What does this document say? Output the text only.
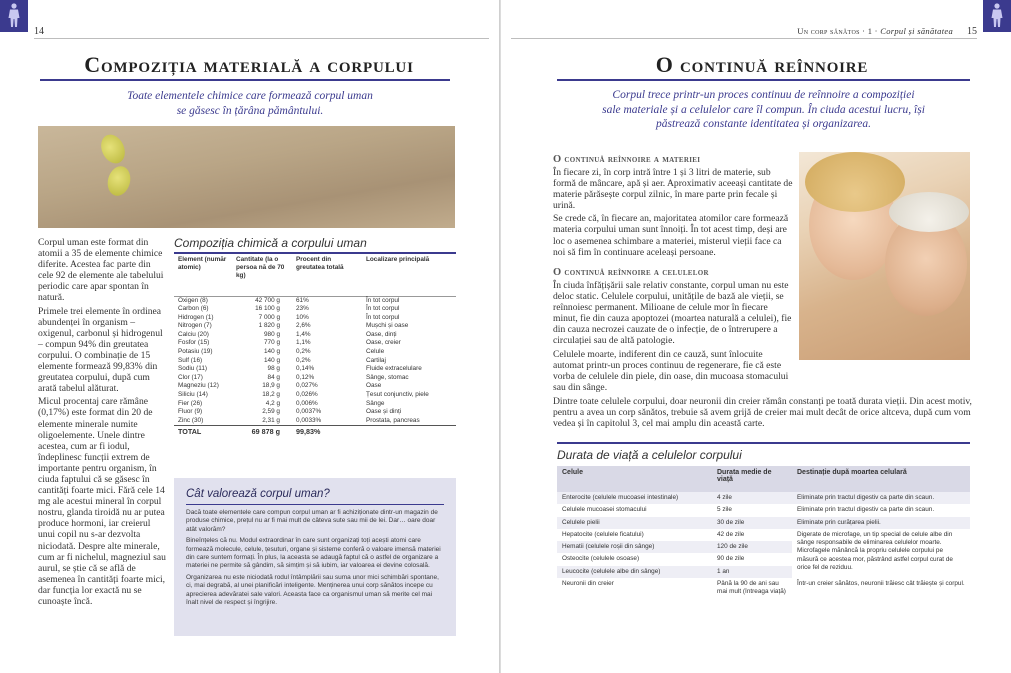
14
Compoziția materială a corpului
Toate elementele chimice care formează corpul uman
se găsesc în țărâna pământului.

Corpul uman este format din atomii a 35 de elemente chimice diferite. Acestea fac parte din cele 92 de elemente ale tabelului periodic care apar spontan în natură.

Primele trei elemente în ordinea abundenței în organism – oxigenul, carbonul și hidrogenul – compun 94% din greutatea corpului. O combinație de 15 elemente formează 99,83% din greutatea corpului, după cum arată tabelul alăturat.

Micul procentaj care rămâne (0,17%) este format din 20 de elemente minerale numite oligoelemente. Unele dintre acestea, cum ar fi iodul, îndeplinesc funcții extrem de importante pentru organism, în ciuda faptului că se găsesc în cantități foarte mici. Fără cele 14 mg ale acestui mineral în corpul nostru, glanda tiroidă nu ar putea produce hormoni, iar creierul unui copil nu s-ar dezvolta niciodată. Despre alte minerale, cum ar fi nichelul, magneziul sau aurul, se știe că se află de asemenea în cantități foarte mici, dar funcția lor exactă nu se cunoaște încă.

Compoziția chimică a corpului uman
Element (număr atomic)	Cantitate (la o persoa nă de 70 kg)	Procent din greutatea totală	Localizare principală
Oxigen (8)	42 700 g	61%	În tot corpul
Carbon (6)	16 100 g	23%	În tot corpul
Hidrogen (1)	7 000 g	10%	În tot corpul
Nitrogen (7)	1 820 g	2,6%	Mușchi și oase
Calciu (20)	980 g	1,4%	Oase, dinți
Fosfor (15)	770 g	1,1%	Oase, creier
Potasiu (19)	140 g	0,2%	Celule
Sulf (16)	140 g	0,2%	Cartilaj
Sodiu (11)	98 g	0,14%	Fluide extracelulare
Clor (17)	84 g	0,12%	Sânge, stomac
Magneziu (12)	18,9 g	0,027%	Oase
Siliciu (14)	18,2 g	0,026%	Țesut conjunctiv, piele
Fier (26)	4,2 g	0,006%	Sânge
Fluor (9)	2,59 g	0,0037%	Oase și dinți
Zinc (30)	2,31 g	0,0033%	Prostata, pancreas
TOTAL	69 878 g	99,83%	
Cât valorează corpul uman?

Dacă toate elementele care compun corpul uman ar fi achiziționate dintr-un magazin de produse chimice, prețul nu ar fi mai mult de câteva sute sau mii de lei. Dar… oare doar atât valorăm?

Bineînțeles că nu. Modul extraordinar în care sunt organizați toți acești atomi care formează molecule, celule, țesuturi, organe și sisteme conferă o valoare imensă materiei din care suntem formați. În plus, la aceasta se adaugă faptul că o astfel de organizare a materiei ne permite să gândim, să simțim și să iubim, iar valoarea ei devine colosală.

Organizarea nu este niciodată rodul întâmplării sau suma unor mici schimbări spontane, ci, mai degrabă, al unei planificări inteligente. Menținerea unui corp sănătos incepe cu aprecierea adevăratei sale valori. Aceasta face ca organismul uman să merite cel mai înalt nivel de respect și îngrijire.

Un corp sănătos · 1 · Corpul și sănătatea 15
O continuă reînnoire
Corpul trece printr-un proces continuu de reînnoire a compoziției
sale materiale și a celulelor care îl compun. În ciuda acestui lucru, își
păstrează constante identitatea și organizarea.
O continuă reînnoire a materiei

În fiecare zi, în corp intră între 1 și 3 litri de materie, sub formă de mâncare, apă și aer. Aproximativ aceeași cantitate de materie părăsește corpul zilnic, în mare parte prin fecale și urină.

Se crede că, în fiecare an, majoritatea atomilor care formează materia corpului uman sunt înnoiți. În tot acest timp, deși are loc o asemenea schimbare a materiei, misterul vieții face ca noi să fim în continuare aceleași persoane.

O continuă reînnoire a celulelor

În ciuda înfățișării sale relativ constante, corpul uman nu este deloc static. Celulele corpului, unitățile de bază ale vieții, se reînnoiesc permanent. Milioane de celule mor în fiecare minut, fie din cauza apoptozei (moartea naturală a celulei), fie din cauza necrozei cauzate de o infecție, de o întrerupere a circulației sau de altă patologie.

Celulele moarte, indiferent din ce cauză, sunt înlocuite automat printr-un proces continuu de regenerare, fie că este vorba de celulele din piele, din oase, din mucoasa stomacului sau din sânge.

Dintre toate celulele corpului, doar neuronii din creier rămân constanți pe toată durata vieții. Din acest motiv, pentru a avea un corp sănătos, trebuie să avem grijă de creier mai mult decât de orice altceva, după cum vom vedea și în capitolul 3, cel mai amplu din această carte.

Durata de viață a celulelor corpului
Celule	Durata medie de viață	Destinație după moartea celulară
Enterocite (celulele mucoasei intestinale)	4 zile	Eliminate prin tractul digestiv ca parte din scaun.
Celulele mucoasei stomacului	5 zile	Eliminate prin tractul digestiv ca parte din scaun.
Celulele pielii	30 de zile	Eliminate prin curățarea pielii.
Hepatocite (celulele ficatului)	42 de zile	Digerate de microfage, un tip special de celule albe din sânge responsabile de eliminarea celulelor moarte. Microfagele mănâncă la propriu celulele corpului pe măsură ce acestea mor, păstrând astfel corpul curat de orice fel de reziduu.
Hematii (celulele roșii din sânge)	120 de zile	
Osteocite (celulele osoase)	90 de zile	
Leucocite (celulele albe din sânge)	1 an	
Neuronii din creier	Până la 90 de ani sau mai mult (întreaga viață)	Într-un creier sănătos, neuronii trăiesc cât trăiește și corpul.
